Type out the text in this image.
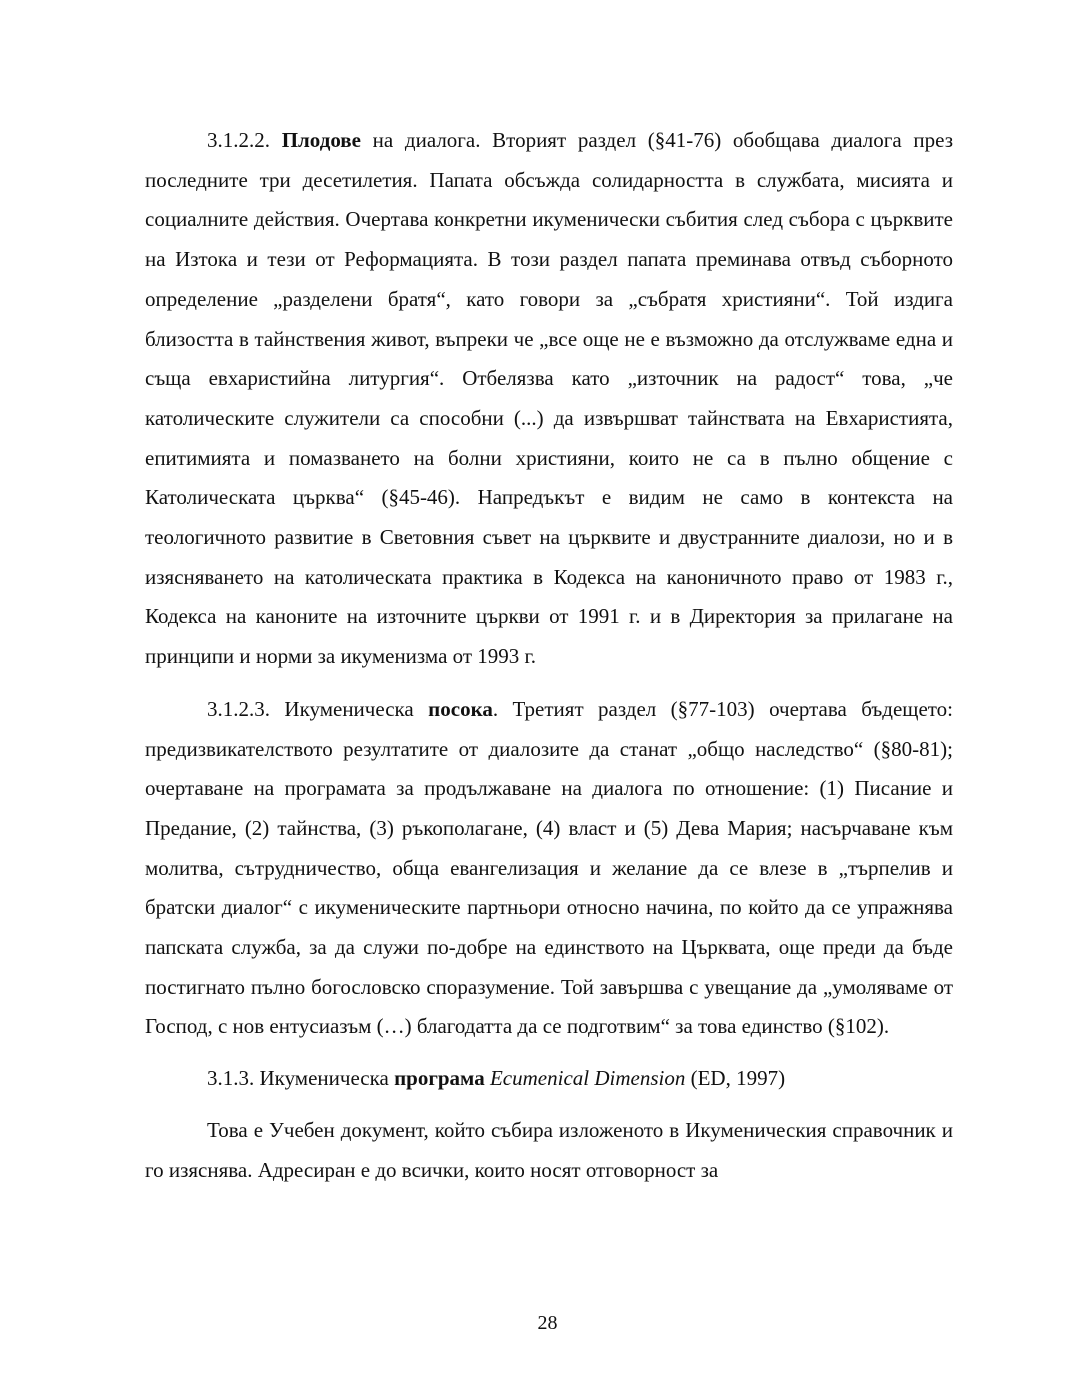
3.1.2.2. Плодове на диалога. Вторият раздел (§41-76) обобщава диалога през последните три десетилетия. Папата обсъжда солидарността в службата, мисията и социалните действия. Очертава конкретни икуменически събития след събора с църквите на Изтока и тези от Реформацията. В този раздел папата преминава отвъд съборното определение „разделени братя“, като говори за „събратя християни“. Той издига близостта в тайнствения живот, въпреки че „все още не е възможно да отслужваме една и съща евхаристийна литургия“. Отбелязва като „източник на радост“ това, „че католическите служители са способни (...) да извършват тайнствата на Евхаристията, епитимията и помазването на болни християни, които не са в пълно общение с Католическата църква“ (§45-46). Напредъкът е видим не само в контекста на теологичното развитие в Световния съвет на църквите и двустранните диалози, но и в изясняването на католическата практика в Кодекса на каноничното право от 1983 г., Кодекса на каноните на източните църкви от 1991 г. и в Директория за прилагане на принципи и норми за икуменизма от 1993 г.

3.1.2.3. Икуменическа посока. Третият раздел (§77-103) очертава бъдещето: предизвикателството резултатите от диалозите да станат „общо наследство“ (§80-81); очертаване на програмата за продължаване на диалога по отношение: (1) Писание и Предание, (2) тайнства, (3) ръкополагане, (4) власт и (5) Дева Мария; насърчаване към молитва, сътрудничество, обща евангелизация и желание да се влезе в „търпелив и братски диалог“ с икуменическите партньори относно начина, по който да се упражнява папската служба, за да служи по-добре на единството на Църквата, още преди да бъде постигнато пълно богословско споразумение. Той завършва с увещание да „умоляваме от Господ, с нов ентусиазъм (…) благодатта да се подготвим“ за това единство (§102).

3.1.3. Икуменическа програма Ecumenical Dimension (ED, 1997)

Това е Учебен документ, който събира изложеното в Икуменическия справочник и го изяснява. Адресиран е до всички, които носят отговорност за

28
